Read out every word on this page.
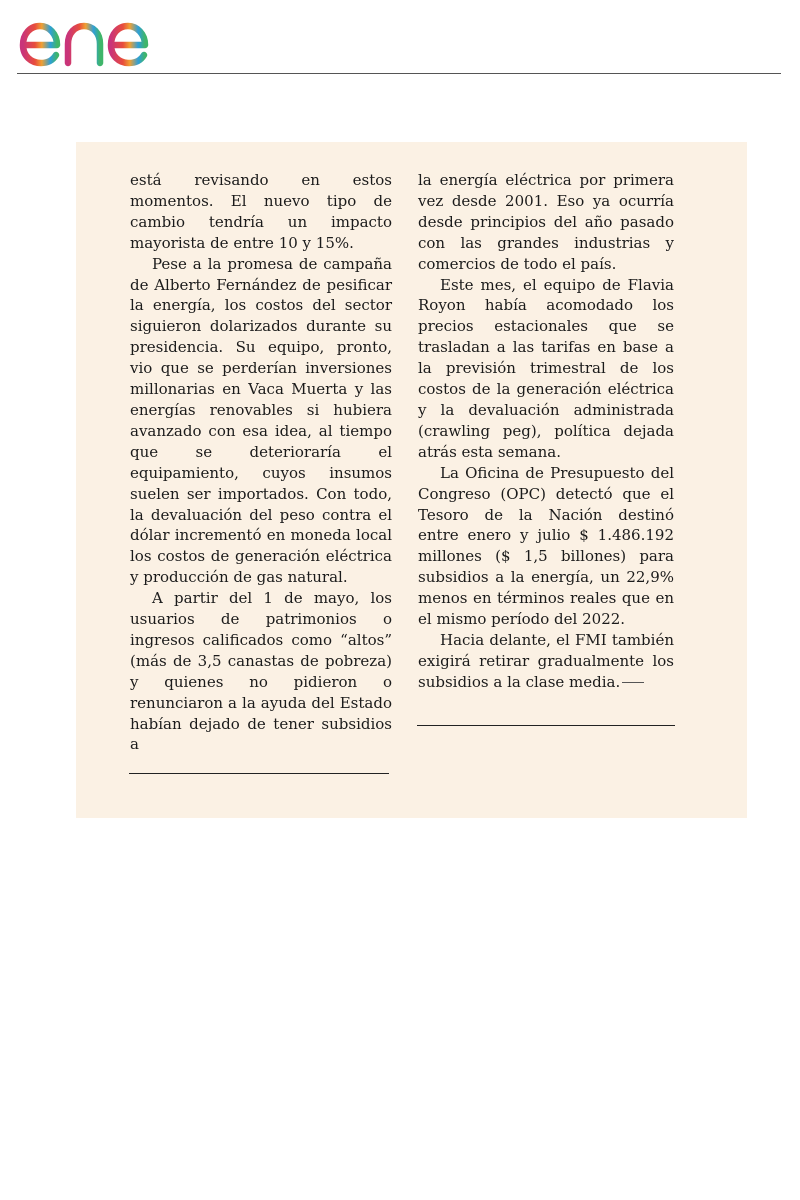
está revisando en estos momentos. El nuevo tipo de cambio tendría un impacto mayorista de entre 10 y 15%.

Pese a la promesa de campaña de Alberto Fernández de pesificar la energía, los costos del sector siguieron dolarizados durante su presidencia. Su equipo, pronto, vio que se perderían inversiones millonarias en Vaca Muerta y las energías renovables si hubiera avanzado con esa idea, al tiempo que se deterioraría el equipamiento, cuyos insumos suelen ser importados. Con todo, la devaluación del peso contra el dólar incrementó en moneda local los costos de generación eléctrica y producción de gas natural.

A partir del 1 de mayo, los usuarios de patrimonios o ingresos calificados como “altos” (más de 3,5 canastas de pobreza) y quienes no pidieron o renunciaron a la ayuda del Estado habían dejado de tener subsidios a

la energía eléctrica por primera vez desde 2001. Eso ya ocurría desde principios del año pasado con las grandes industrias y comercios de todo el país.

Este mes, el equipo de Flavia Royon había acomodado los precios estacionales que se trasladan a las tarifas en base a la previsión trimestral de los costos de la generación eléctrica y la devaluación administrada (crawling peg), política dejada atrás esta semana.

La Oficina de Presupuesto del Congreso (OPC) detectó que el Tesoro de la Nación destinó entre enero y julio $ 1.486.192 millones ($ 1,5 billones) para subsidios a la energía, un 22,9% menos en términos reales que en el mismo período del 2022.

Hacia delante, el FMI también exigirá retirar gradualmente los subsidios a la clase media.
